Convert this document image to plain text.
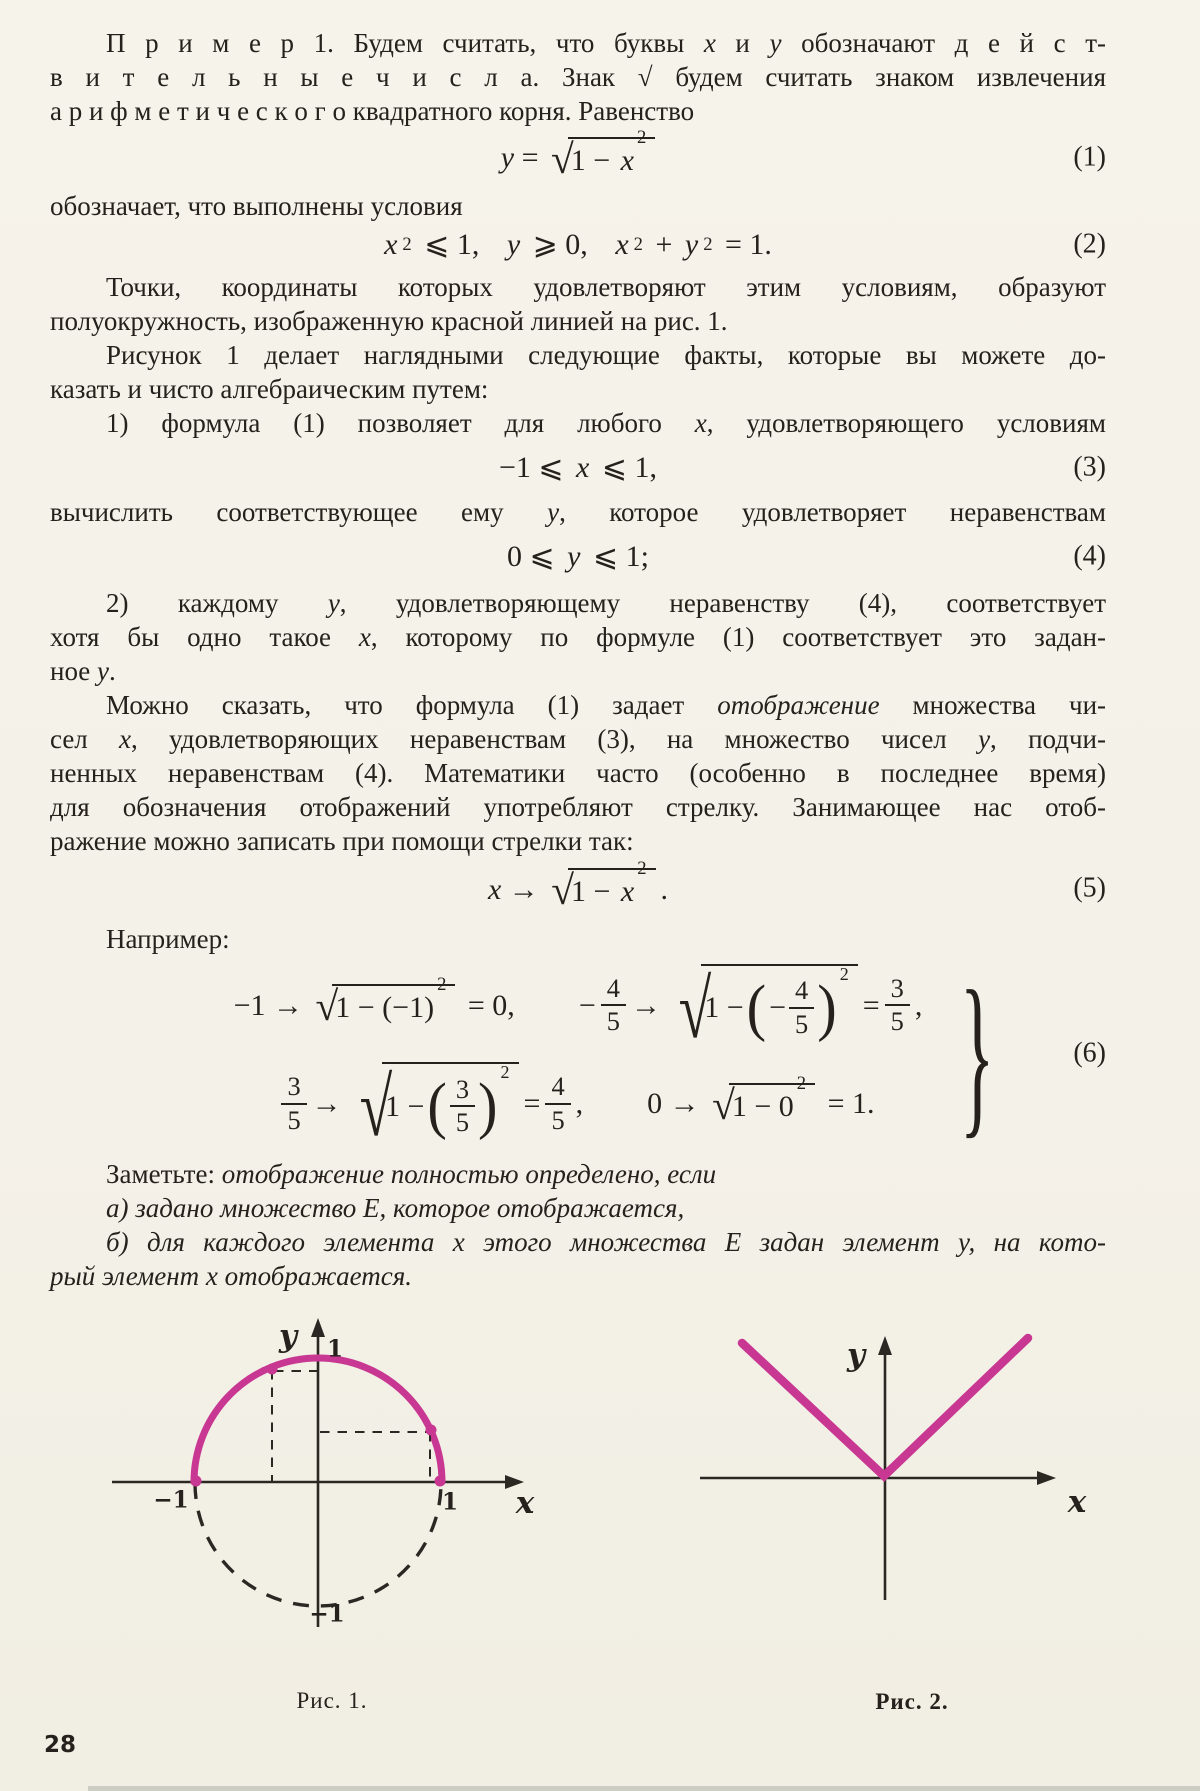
П р и м е р 1. Будем считать, что буквы x и y обозначают д е й с т-
в и т е л ь н ы е ч и с л а. Знак √ будем считать знаком извлечения
а р и ф м е т и ч е с к о г о квадратного корня. Равенство
y = √
1 − x
2
(1)
обозначает, что выполнены условия
x 2 ⩽ 1, y ⩾ 0, x 2 + y 2 = 1.	(2)
Точки, координаты которых удовлетворяют этим условиям, образуют
полуокружность, изображенную красной линией на рис. 1.
Рисунок 1 делает наглядными следующие факты, которые вы можете до-
казать и чисто алгебраическим путем:
1) формула (1) позволяет для любого x, удовлетворяющего условиям
−1 ⩽ x ⩽ 1,	(3)
вычислить соответствующее ему y, которое удовлетворяет неравенствам
0 ⩽ y ⩽ 1;	(4)
2) каждому y, удовлетворяющему неравенству (4), соответствует
хотя бы одно такое x, которому по формуле (1) соответствует это задан-
ное y.
Можно сказать, что формула (1) задает отображение множества чи-
сел x, удовлетворяющих неравенствам (3), на множество чисел y, подчи-
ненных неравенствам (4). Математики часто (особенно в последнее время)
для обозначения отображений употребляют стрелку. Занимающее нас отоб-
ражение можно записать при помощи стрелки так:
x → √
1 − x
2
.	(5)
Например:
−1 → √
1 − (−1)
2
= 0, − $\frac{4}{5}$ → √
1 − ( − $\frac{4}{5}$ ) 2
= $\frac{3}{5}$ ,
$\frac{3}{5}$ → √
1 − ( $\frac{3}{5}$ ) 2
= $\frac{4}{5}$ , 0 → √
1 − 0
2
= 1. }	(6)
Заметьте: отображение полностью определено, если
а) задано множество Е, которое отображается,
б) для каждого элемента x этого множества Е задан элемент y, на кото-
рый элемент x отображается.
y 1
−1	1
−1
x
y
x
Рис. 1.	Рис. 2.
28
